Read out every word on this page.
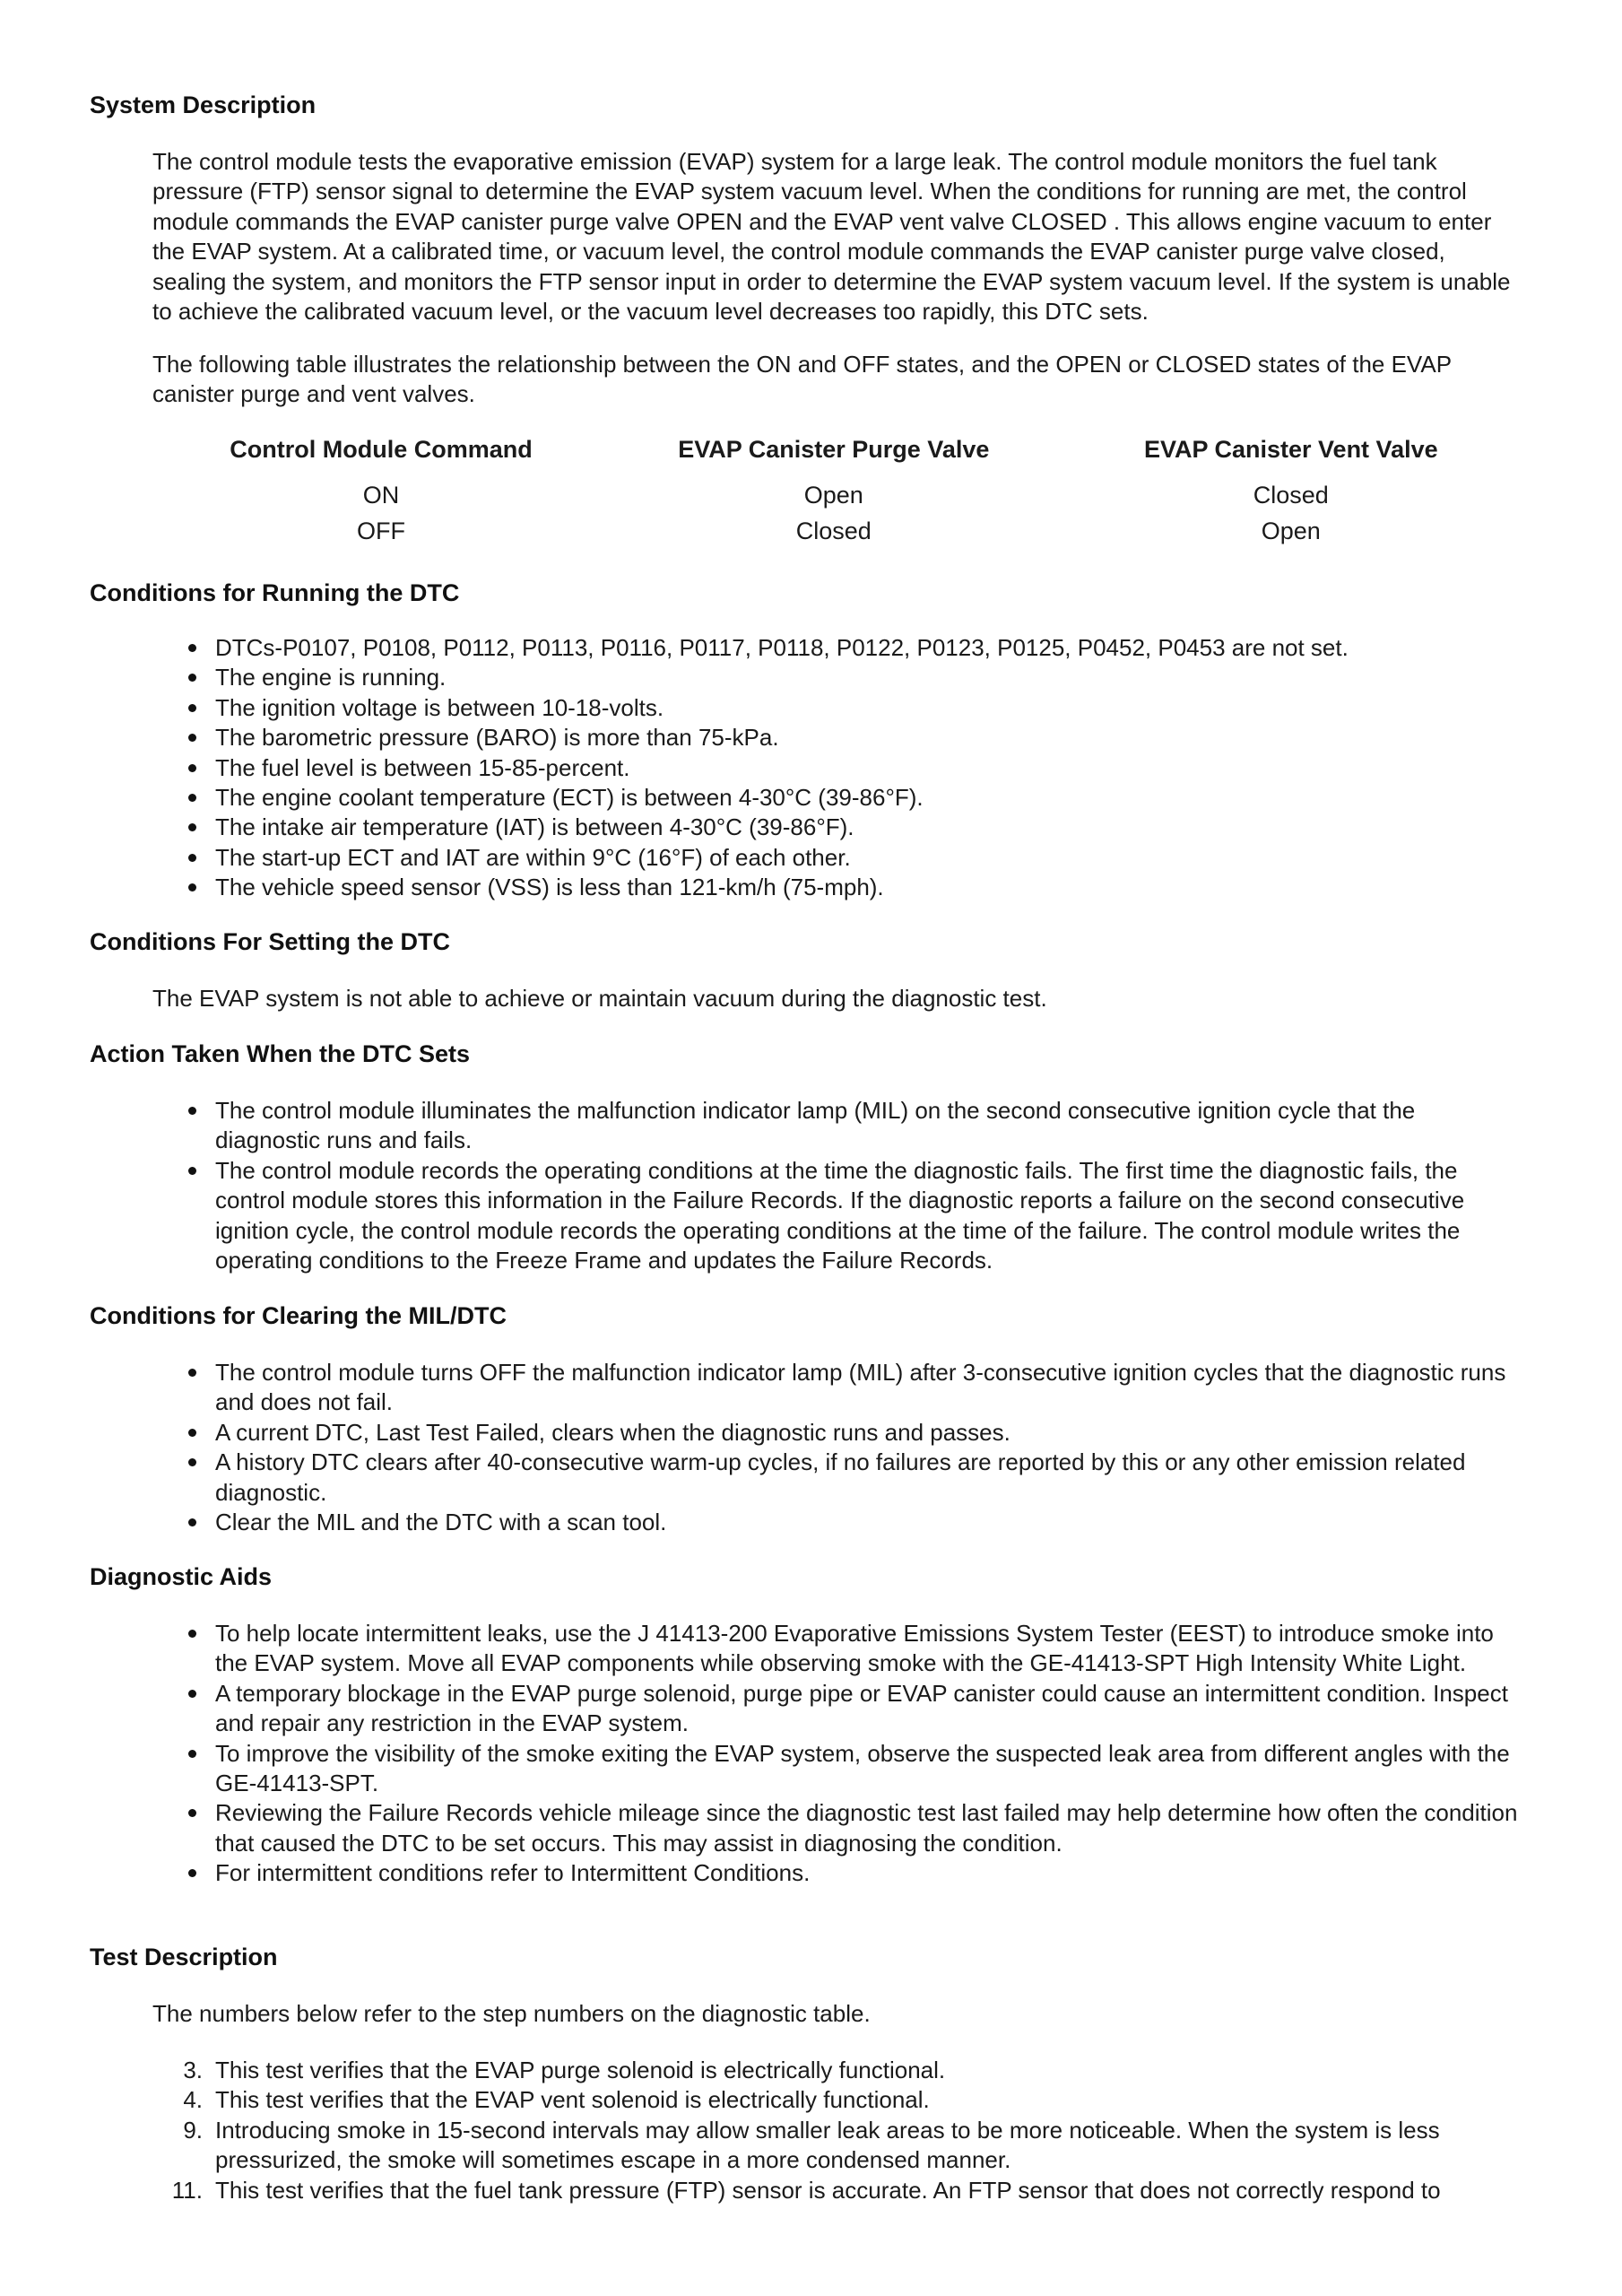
System Description

The control module tests the evaporative emission (EVAP) system for a large leak. The control module monitors the fuel tank pressure (FTP) sensor signal to determine the EVAP system vacuum level. When the conditions for running are met, the control module commands the EVAP canister purge valve OPEN and the EVAP vent valve CLOSED . This allows engine vacuum to enter the EVAP system. At a calibrated time, or vacuum level, the control module commands the EVAP canister purge valve closed, sealing the system, and monitors the FTP sensor input in order to determine the EVAP system vacuum level. If the system is unable to achieve the calibrated vacuum level, or the vacuum level decreases too rapidly, this DTC sets.

The following table illustrates the relationship between the ON and OFF states, and the OPEN or CLOSED states of the EVAP canister purge and vent valves.

Control Module Command	EVAP Canister Purge Valve	EVAP Canister Vent Valve
ON	Open	Closed
OFF	Closed	Open
Conditions for Running the DTC
DTCs-P0107, P0108, P0112, P0113, P0116, P0117, P0118, P0122, P0123, P0125, P0452, P0453 are not set.
The engine is running.
The ignition voltage is between 10-18-volts.
The barometric pressure (BARO) is more than 75-kPa.
The fuel level is between 15-85-percent.
The engine coolant temperature (ECT) is between 4-30°C (39-86°F).
The intake air temperature (IAT) is between 4-30°C (39-86°F).
The start-up ECT and IAT are within 9°C (16°F) of each other.
The vehicle speed sensor (VSS) is less than 121-km/h (75-mph).
Conditions For Setting the DTC

The EVAP system is not able to achieve or maintain vacuum during the diagnostic test.

Action Taken When the DTC Sets
The control module illuminates the malfunction indicator lamp (MIL) on the second consecutive ignition cycle that the diagnostic runs and fails.
The control module records the operating conditions at the time the diagnostic fails. The first time the diagnostic fails, the control module stores this information in the Failure Records. If the diagnostic reports a failure on the second consecutive ignition cycle, the control module records the operating conditions at the time of the failure. The control module writes the operating conditions to the Freeze Frame and updates the Failure Records.
Conditions for Clearing the MIL/DTC
The control module turns OFF the malfunction indicator lamp (MIL) after 3-consecutive ignition cycles that the diagnostic runs and does not fail.
A current DTC, Last Test Failed, clears when the diagnostic runs and passes.
A history DTC clears after 40-consecutive warm-up cycles, if no failures are reported by this or any other emission related diagnostic.
Clear the MIL and the DTC with a scan tool.
Diagnostic Aids
To help locate intermittent leaks, use the J 41413-200 Evaporative Emissions System Tester (EEST) to introduce smoke into the EVAP system. Move all EVAP components while observing smoke with the GE-41413-SPT High Intensity White Light.
A temporary blockage in the EVAP purge solenoid, purge pipe or EVAP canister could cause an intermittent condition. Inspect and repair any restriction in the EVAP system.
To improve the visibility of the smoke exiting the EVAP system, observe the suspected leak area from different angles with the GE-41413-SPT.
Reviewing the Failure Records vehicle mileage since the diagnostic test last failed may help determine how often the condition that caused the DTC to be set occurs. This may assist in diagnosing the condition.
For intermittent conditions refer to Intermittent Conditions.
Test Description

The numbers below refer to the step numbers on the diagnostic table.

3. This test verifies that the EVAP purge solenoid is electrically functional.
4. This test verifies that the EVAP vent solenoid is electrically functional.
9. Introducing smoke in 15-second intervals may allow smaller leak areas to be more noticeable. When the system is less pressurized, the smoke will sometimes escape in a more condensed manner.
11. This test verifies that the fuel tank pressure (FTP) sensor is accurate. An FTP sensor that does not correctly respond to
